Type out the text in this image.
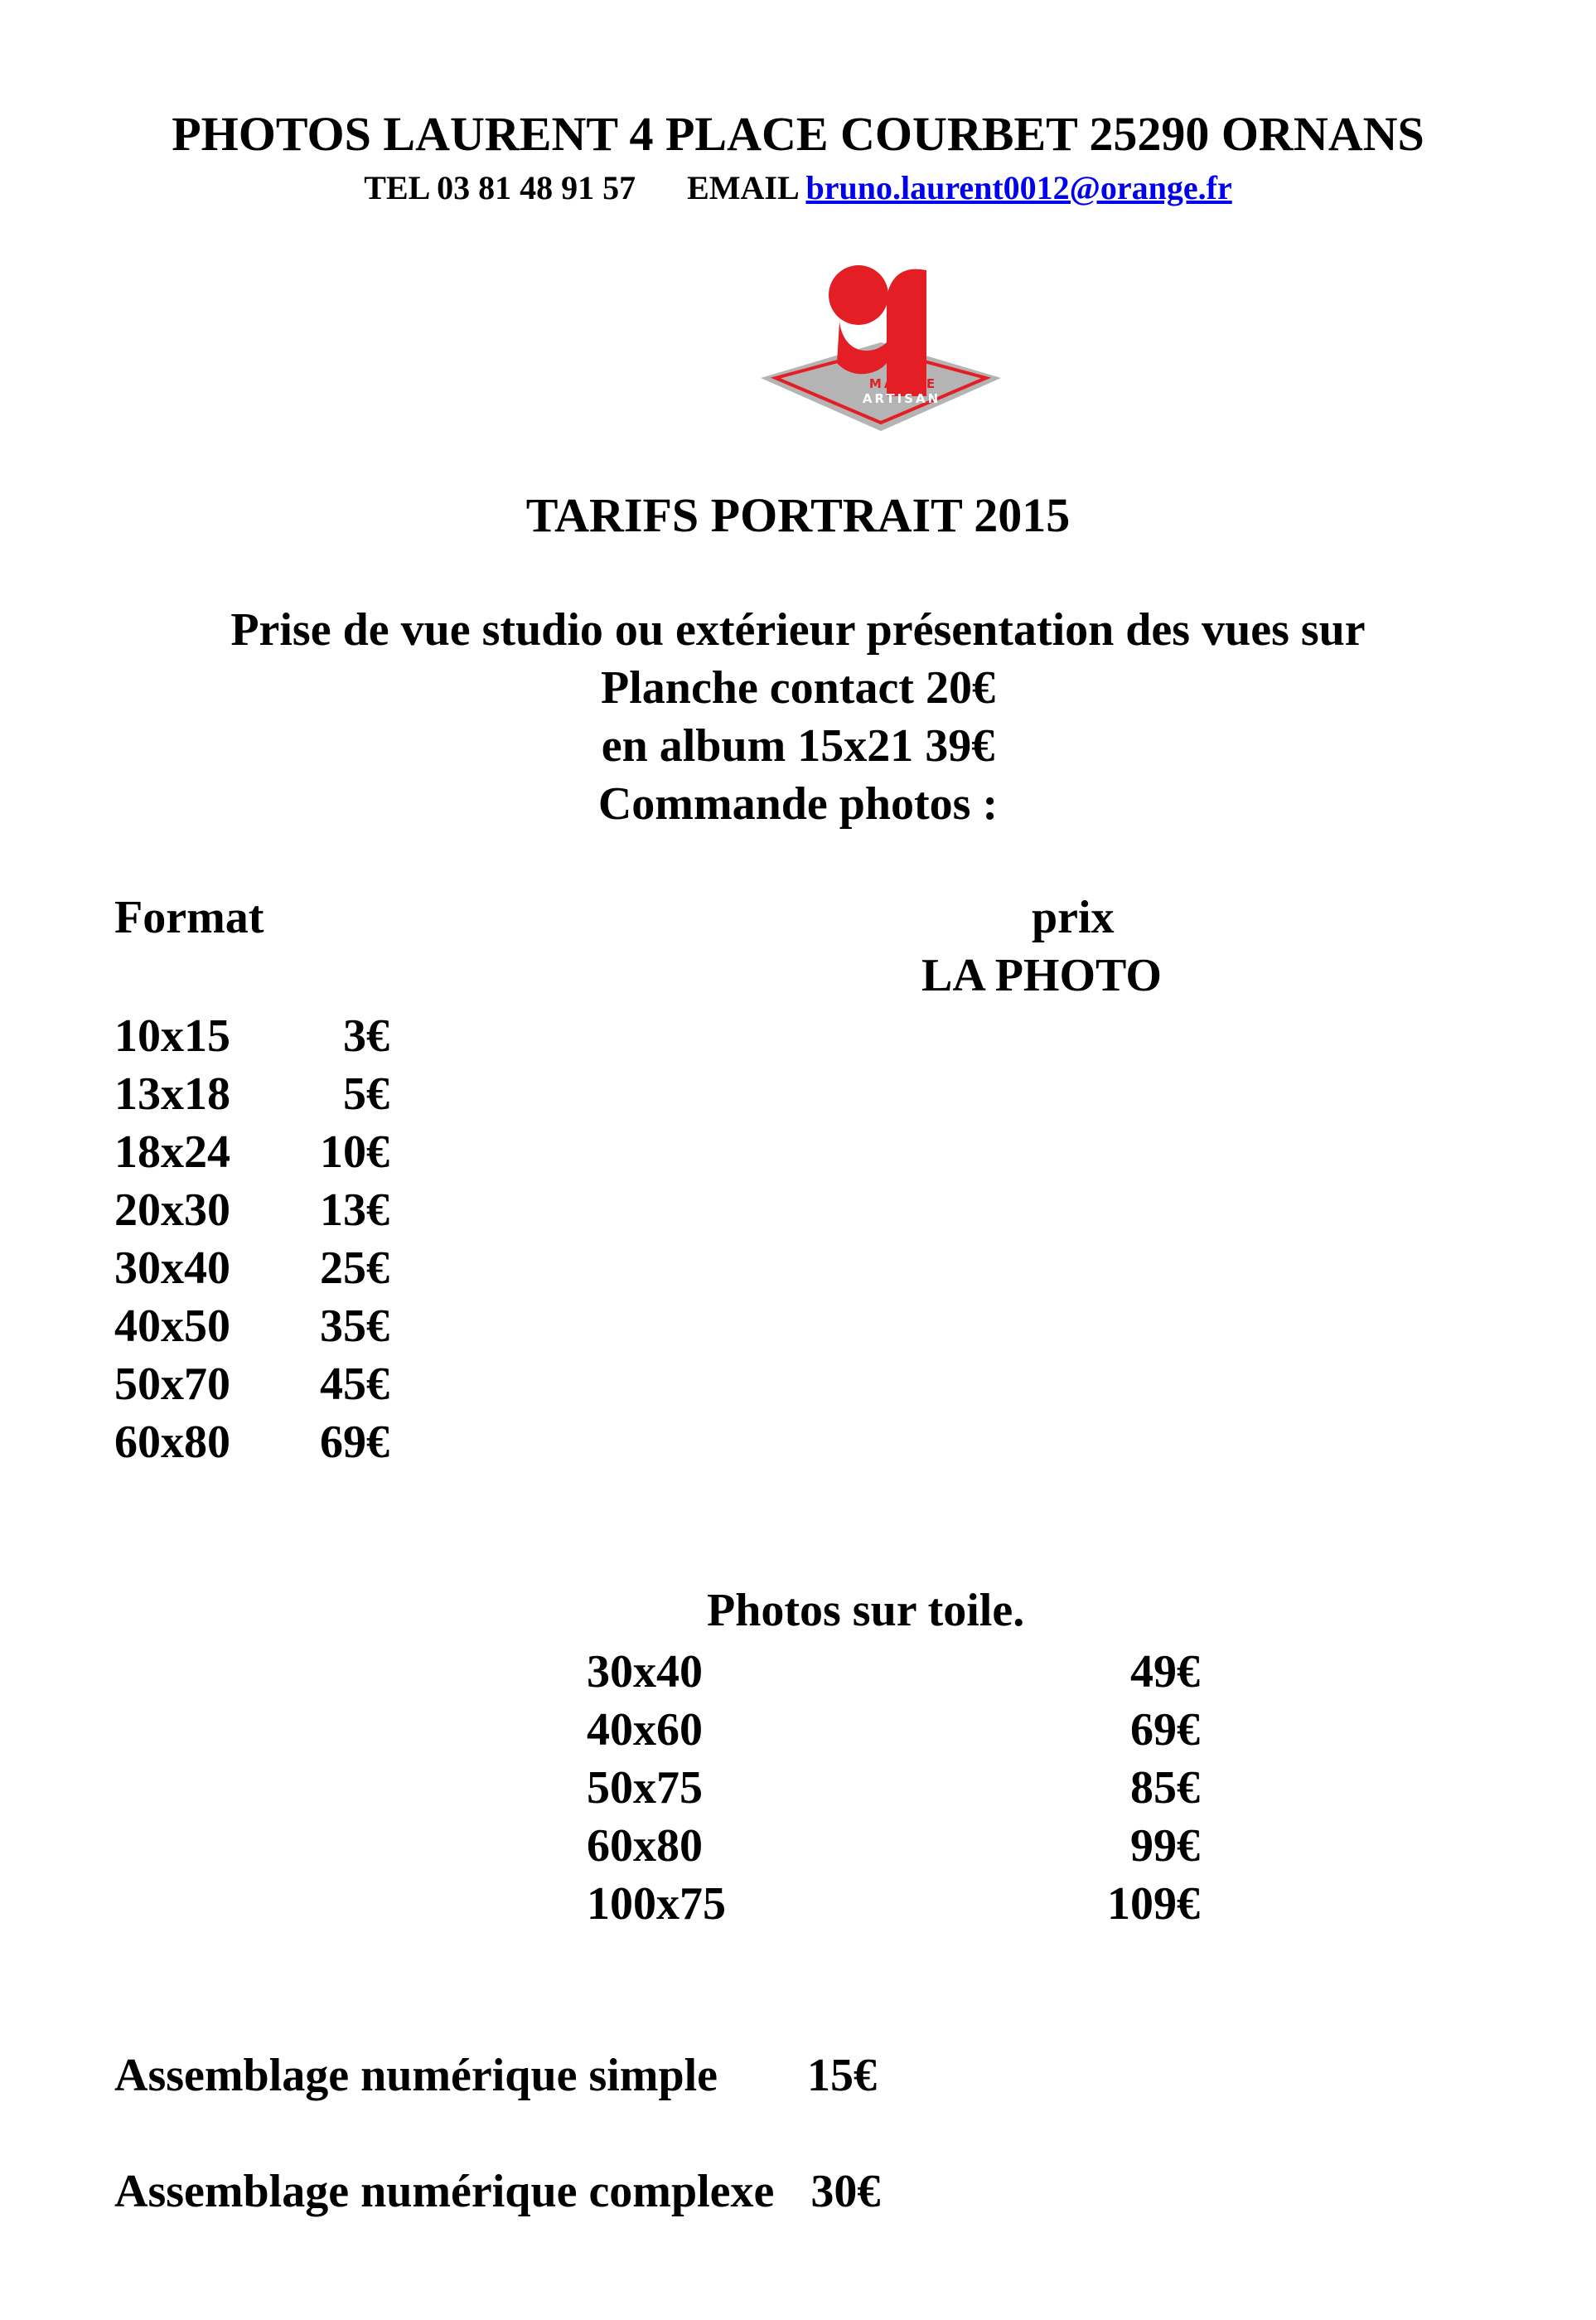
PHOTOS LAURENT 4 PLACE COURBET 25290 ORNANS
TEL 03 81 48 91 57 EMAIL bruno.laurent0012@orange.fr
MAITRE
ARTISAN
TARIFS PORTRAIT 2015
Prise de vue studio ou extérieur présentation des vues sur
Planche contact 20€
en album 15x21 39€
Commande photos :
Format	prix
LA PHOTO
10x15 3€
13x18 5€
18x24 10€
20x30 13€
30x40 25€
40x50 35€
50x70 45€
60x80 69€
Photos sur toile.
30x40	49€
40x60	69€
50x75	85€
60x80	99€
100x75	109€
Assemblage numérique simple 15€
Assemblage numérique complexe 30€
